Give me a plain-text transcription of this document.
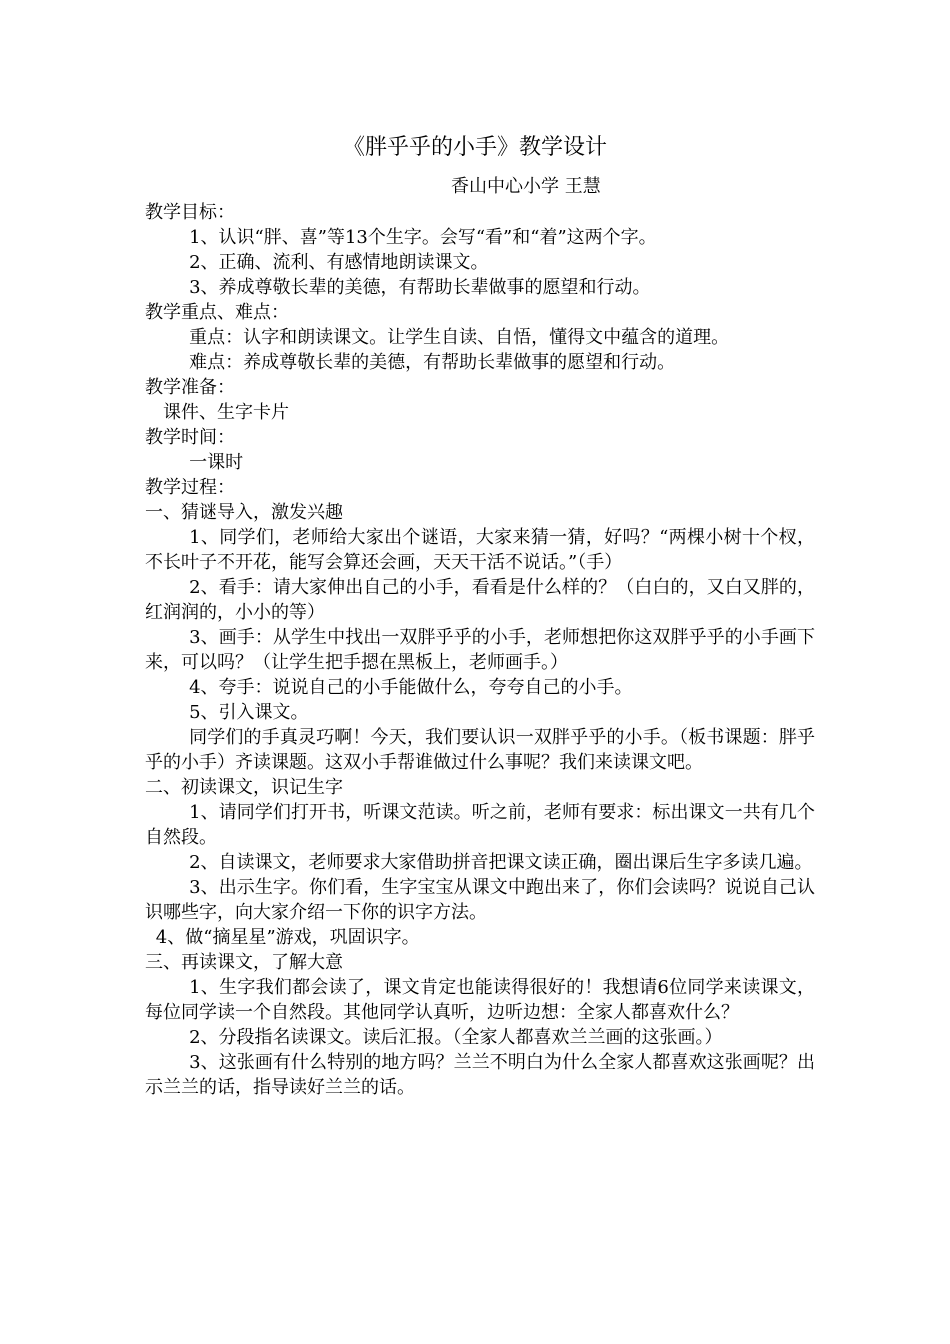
《胖乎乎的小手》教学设计
香山中心小学 王慧

教学目标：

1、认识“胖、喜”等13个生字。会写“看”和“着”这两个字。

2、正确、流利、有感情地朗读课文。

3、养成尊敬长辈的美德，有帮助长辈做事的愿望和行动。

教学重点、难点：

重点：认字和朗读课文。让学生自读、自悟，懂得文中蕴含的道理。

难点：养成尊敬长辈的美德，有帮助长辈做事的愿望和行动。

教学准备：

课件、生字卡片

教学时间：

一课时

教学过程：

一、猜谜导入，激发兴趣

1、同学们，老师给大家出个谜语，大家来猜一猜，好吗？“两棵小树十个杈，不长叶子不开花，能写会算还会画，天天干活不说话。”（手）

2、看手：请大家伸出自己的小手，看看是什么样的？（白白的，又白又胖的，红润润的，小小的等）

3、画手：从学生中找出一双胖乎乎的小手，老师想把你这双胖乎乎的小手画下来，可以吗？（让学生把手摁在黑板上，老师画手。）

4、夸手：说说自己的小手能做什么，夸夸自己的小手。

5、引入课文。

同学们的手真灵巧啊！今天，我们要认识一双胖乎乎的小手。（板书课题：胖乎乎的小手）齐读课题。这双小手帮谁做过什么事呢？我们来读课文吧。

二、初读课文，识记生字

1、请同学们打开书，听课文范读。听之前，老师有要求：标出课文一共有几个自然段。

2、自读课文，老师要求大家借助拼音把课文读正确，圈出课后生字多读几遍。

3、出示生字。你们看，生字宝宝从课文中跑出来了，你们会读吗？说说自己认识哪些字，向大家介绍一下你的识字方法。

4、做“摘星星”游戏，巩固识字。

三、再读课文，了解大意

1、生字我们都会读了，课文肯定也能读得很好的！我想请6位同学来读课文，每位同学读一个自然段。其他同学认真听，边听边想：全家人都喜欢什么？

2、分段指名读课文。读后汇报。（全家人都喜欢兰兰画的这张画。）

3、这张画有什么特别的地方吗？兰兰不明白为什么全家人都喜欢这张画呢？出示兰兰的话，指导读好兰兰的话。
